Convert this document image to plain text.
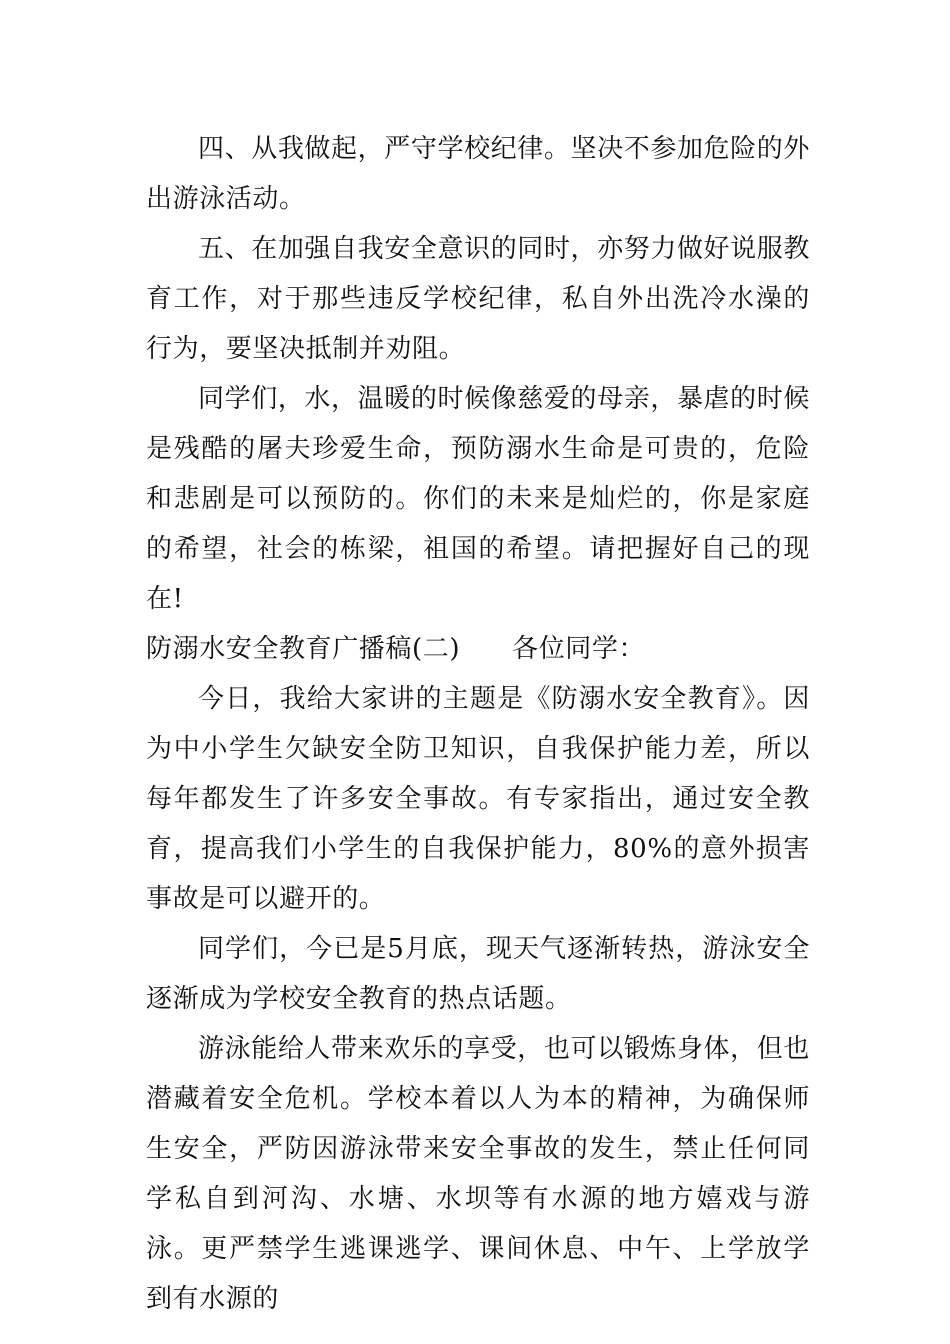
四、从我做起，严守学校纪律。坚决不参加危险的外出游泳活动。

五、在加强自我安全意识的同时，亦努力做好说服教育工作，对于那些违反学校纪律，私自外出洗冷水澡的行为，要坚决抵制并劝阻。

同学们，水，温暖的时候像慈爱的母亲，暴虐的时候是残酷的屠夫珍爱生命，预防溺水生命是可贵的，危险和悲剧是可以预防的。你们的未来是灿烂的，你是家庭的希望，社会的栋梁，祖国的希望。请把握好自己的现在!

防溺水安全教育广播稿(二) 各位同学：

今日，我给大家讲的主题是《防溺水安全教育》。因为中小学生欠缺安全防卫知识，自我保护能力差，所以每年都发生了许多安全事故。有专家指出，通过安全教育，提高我们小学生的自我保护能力，80%的意外损害事故是可以避开的。

同学们，今已是5月底，现天气逐渐转热，游泳安全逐渐成为学校安全教育的热点话题。

游泳能给人带来欢乐的享受，也可以锻炼身体，但也潜藏着安全危机。学校本着以人为本的精神，为确保师生安全，严防因游泳带来安全事故的发生，禁止任何同学私自到河沟、水塘、水坝等有水源的地方嬉戏与游泳。更严禁学生逃课逃学、课间休息、中午、上学放学到有水源的
